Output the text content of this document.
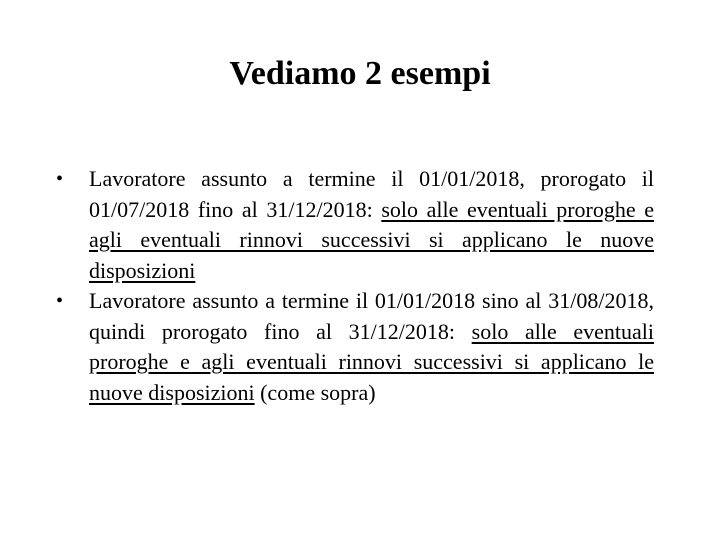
Vediamo 2 esempi
•	Lavoratore assunto a termine il 01/01/2018, prorogato il 01/07/2018 fino al 31/12/2018: solo alle eventuali proroghe e agli eventuali rinnovi successivi si applicano le nuove disposizioni
•	Lavoratore assunto a termine il 01/01/2018 sino al 31/08/2018, quindi prorogato fino al 31/12/2018: solo alle eventuali proroghe e agli eventuali rinnovi successivi si applicano le nuove disposizioni (come sopra)
